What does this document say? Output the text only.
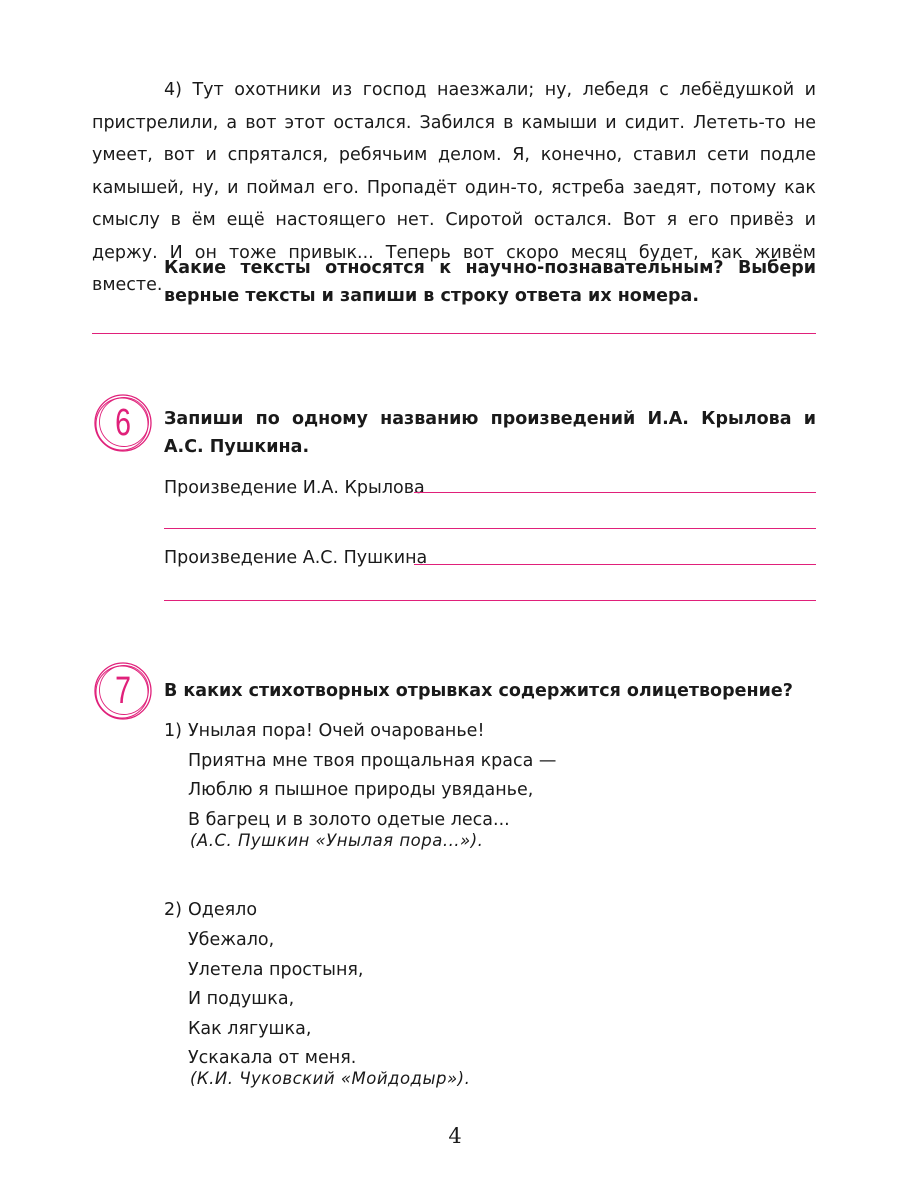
4) Тут охотники из господ наезжали; ну, лебедя с лебёдушкой и пристрелили, а вот этот остался. Забился в камыши и сидит. Лететь-то не умеет, вот и спрятался, ребячьим делом. Я, конечно, ставил сети подле камышей, ну, и поймал его. Пропадёт один-то, ястреба заедят, потому как смыслу в ём ещё настоящего нет. Сиротой остался. Вот я его привёз и держу. И он тоже привык... Теперь вот скоро месяц будет, как живём вместе.

Какие тексты относятся к научно-познавательным? Выбери верные тексты и запиши в строку ответа их номера.

6	Запиши по одному названию произведений И.А. Крылова и А.С. Пушкина.

Произведение И.А. Крылова
Произведение А.С. Пушкина
7	В каких стихотворных отрывках содержится олицетворение?

1) Унылая пора! Очей очарованье!
Приятна мне твоя прощальная краса —
Люблю я пышное природы увяданье,
В багрец и в золото одетые леса...
(А.С. Пушкин «Унылая пора...»).
2)
Убежало,
Улетела простыня,
И подушка,
Как лягушка,
Ускакала от меня.
Одеяло
(К.И. Чуковский «Мойдодыр»).
4
